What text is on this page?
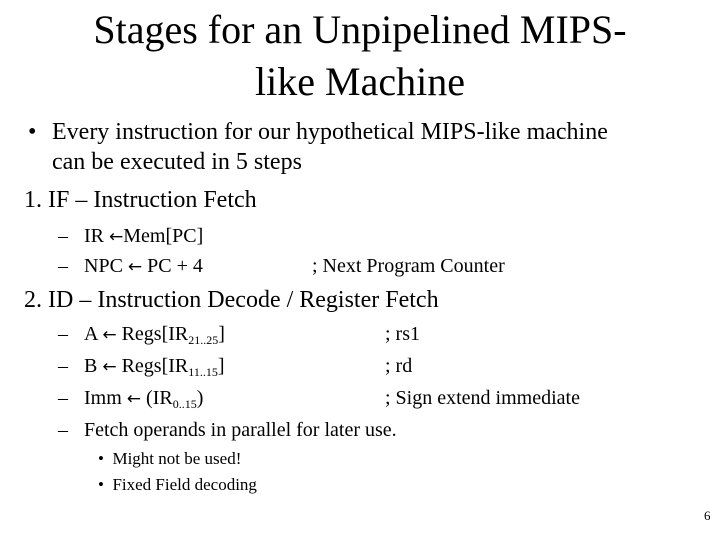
Stages for an Unpipelined MIPS-
like Machine
• Every instruction for our hypothetical MIPS-like machine
can be executed in 5 steps
1. IF – Instruction Fetch
– IR ←Mem[PC]
– NPC ← PC + 4	; Next Program Counter
2. ID – Instruction Decode / Register Fetch
– A ← $Regs[IR_{21..25}]$	; rs1
– B ← $Regs[IR_{11..15}]$	; rd
– Imm ← $(IR_{0..15})$	; Sign extend immediate
– Fetch operands in parallel for later use.
• Might not be used!
• Fixed Field decoding
6
